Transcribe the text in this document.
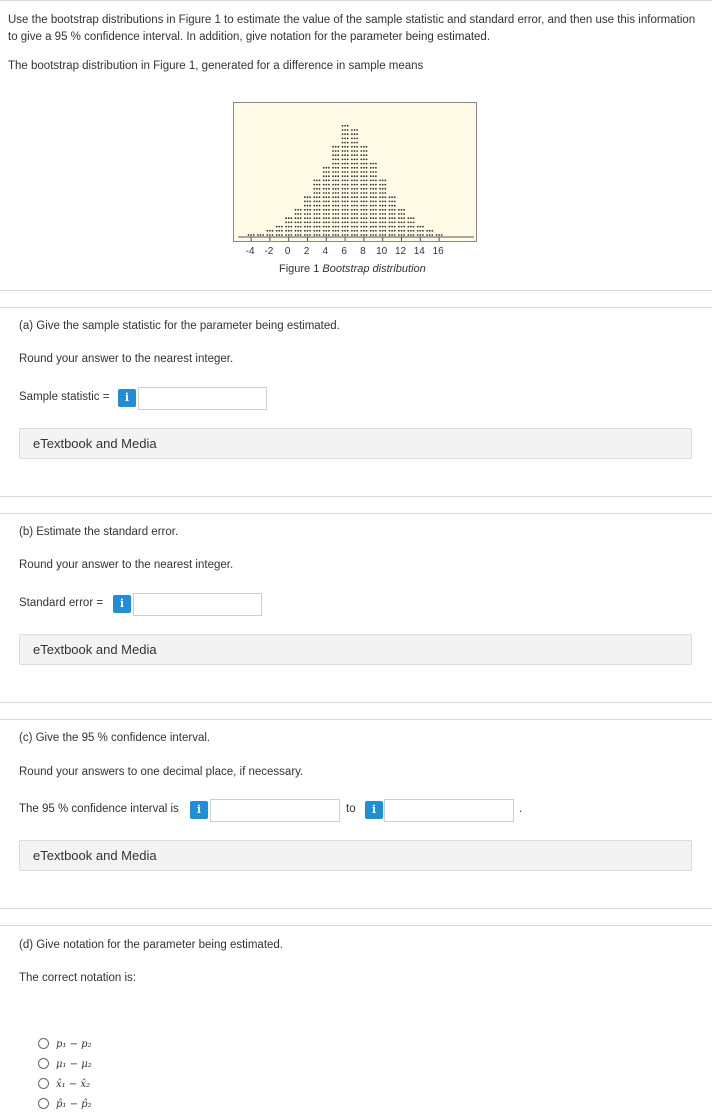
Use the bootstrap distributions in Figure 1 to estimate the value of the sample statistic and standard error, and then use this information to give a 95 % confidence interval. In addition, give notation for the parameter being estimated.
The bootstrap distribution in Figure 1, generated for a difference in sample means
-4 -2 0 2 4 6 8 10 12 14 16
Figure 1 Bootstrap distribution
(a) Give the sample statistic for the parameter being estimated.
Round your answer to the nearest integer.
Sample statistic =	i
eTextbook and Media
(b) Estimate the standard error.
Round your answer to the nearest integer.
Standard error =	i
eTextbook and Media
(c) Give the 95 % confidence interval.
Round your answers to one decimal place, if necessary.
The 95 % confidence interval is	i	to	i	.
eTextbook and Media
(d) Give notation for the parameter being estimated.
The correct notation is:
p₁ − p₂
μ₁ − μ₂
x̂₁ − x̂₂
p̂₁ − p̂₂
